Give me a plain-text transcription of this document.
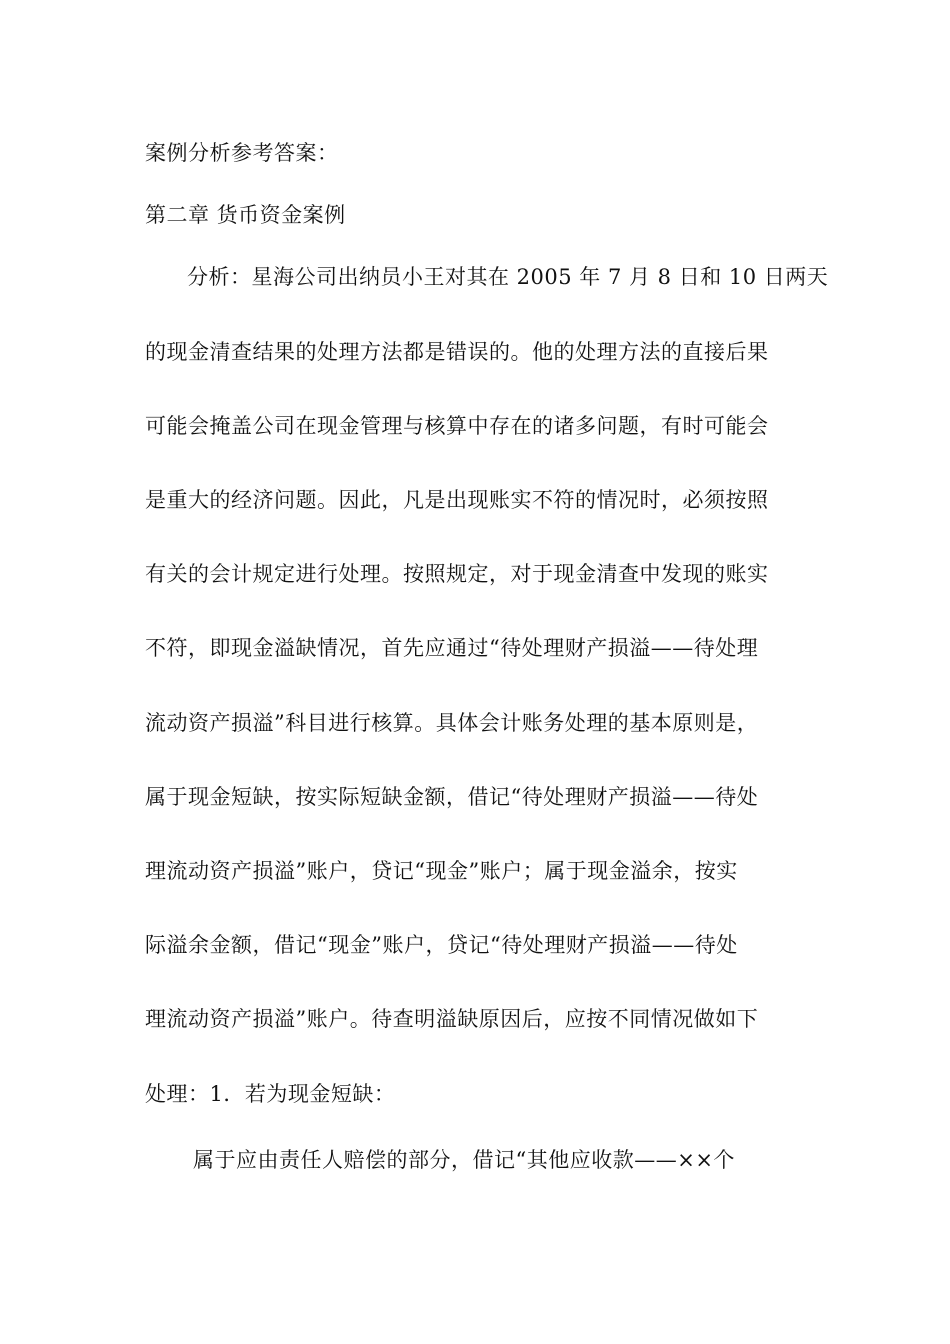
案例分析参考答案：
第二章 货币资金案例
分析：星海公司出纳员小王对其在 2005 年 7 月 8 日和 10 日两天
的现金清查结果的处理方法都是错误的。他的处理方法的直接后果
可能会掩盖公司在现金管理与核算中存在的诸多问题，有时可能会
是重大的经济问题。因此，凡是出现账实不符的情况时，必须按照
有关的会计规定进行处理。按照规定，对于现金清查中发现的账实
不符，即现金溢缺情况，首先应通过“待处理财产损溢——待处理
流动资产损溢”科目进行核算。具体会计账务处理的基本原则是，
属于现金短缺，按实际短缺金额，借记“待处理财产损溢——待处
理流动资产损溢”账户，贷记“现金”账户；属于现金溢余，按实
际溢余金额，借记“现金”账户，贷记“待处理财产损溢——待处
理流动资产损溢”账户。待查明溢缺原因后，应按不同情况做如下
处理：1．若为现金短缺：
属于应由责任人赔偿的部分，借记“其他应收款——××个
